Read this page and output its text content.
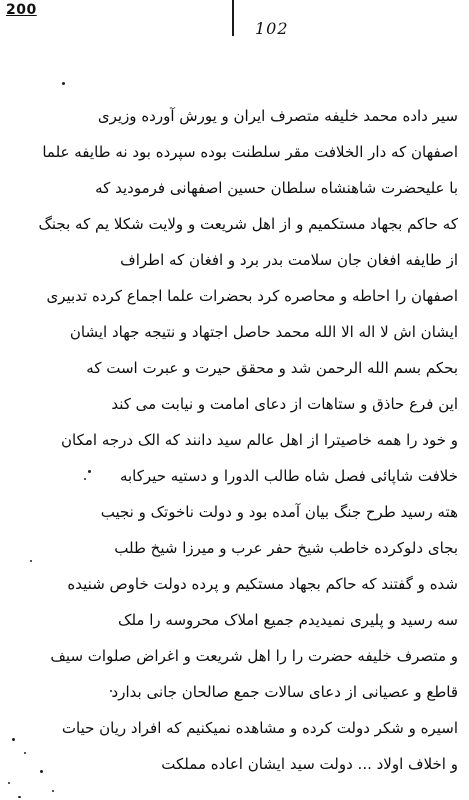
200
102
سیر داده محمد خلیفه متصرف ایران و یورش آورده وزیری
اصفهان که دار الخلافت مقر سلطنت بوده سپرده بود نه طایفه علما
با علیحضرت شاهنشاه سلطان حسین اصفهانی فرمودید که
که حاکم بجهاد مستکمیم و از اهل شریعت و ولایت شکلا یم که بجنگ
از طایفه افغان جان سلامت بدر برد و افغان که اطراف
اصفهان را احاطه و محاصره کرد بحضرات علما اجماع کرده تدبیری
ایشان اش لا اله الا الله محمد حاصل اجتهاد و نتیجه جهاد ایشان
بحکم بسم الله الرحمن شد و محقق حیرت و عبرت است که
این فرع حاذق و ستاهات از دعای امامت و نیابت می کند
و خود را همه خاصیترا از اهل عالم سید دانند که الک درجه امکان
خلافت شاپائی فصل شاه طالب الدورا و دستیه حیرکابه
هته رسید طرح جنگ بیان آمده بود و دولت ناخوتک و نجیب
بجای دلوکرده خاطب شیخ حفر عرب و میرزا شیخ طلب
شده و گفتند که حاکم بجهاد مستکیم و پرده دولت خاوص شنیده
سه رسید و پلیری نمیدیدم جمیع املاک محروسه را ملک
و متصرف خلیفه حضرت را را اهل شریعت و اغراض صلوات سیف
قاطع و عصیانی از دعای سالات جمع صالحان جانی بدارد
اسیره و شکر دولت کرده و مشاهده نمیکنیم که افراد ریان حیات
و اخلاف اولاد ... دولت سید ایشان اعاده مملکت
